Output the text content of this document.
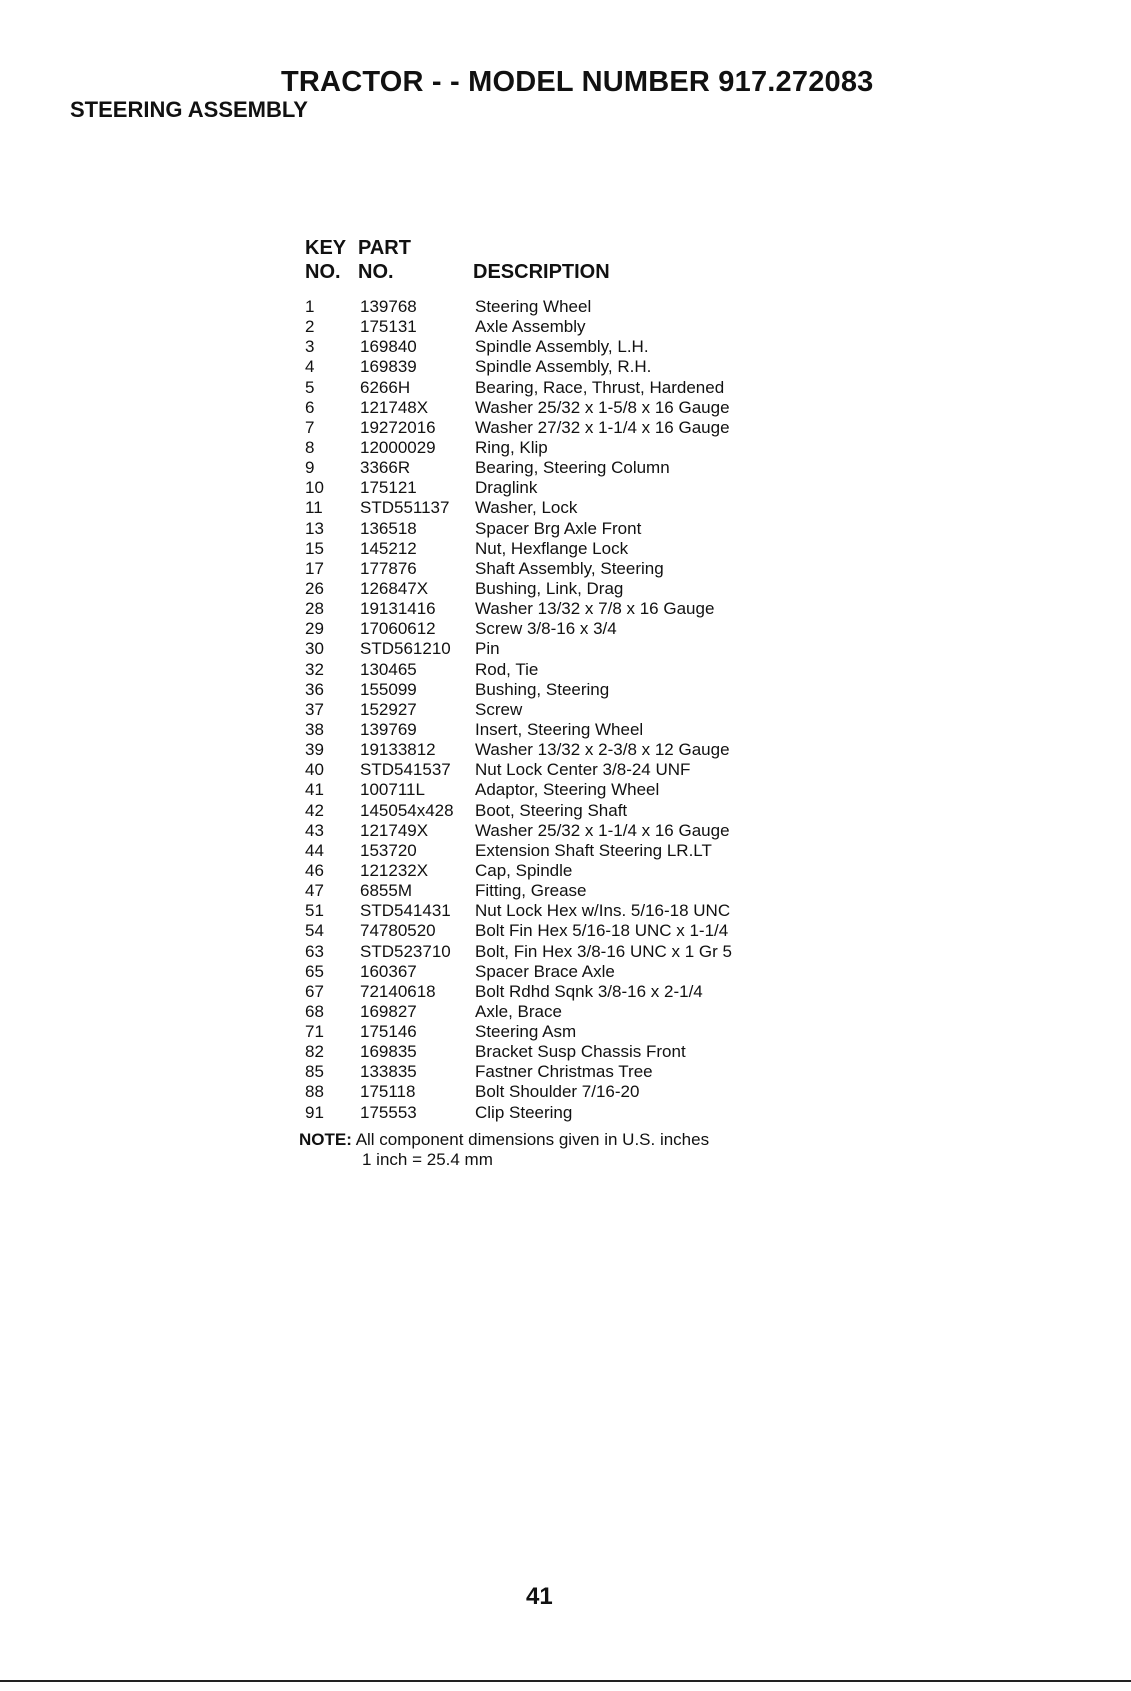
TRACTOR - - MODEL NUMBER 917.272083
STEERING ASSEMBLY
KEY
NO.
PART
NO.	DESCRIPTION
1	139768	Steering Wheel
2	175131	Axle Assembly
3	169840	Spindle Assembly, L.H.
4	169839	Spindle Assembly, R.H.
5	6266H	Bearing, Race, Thrust, Hardened
6	121748X	Washer 25/32 x 1-5/8 x 16 Gauge
7	19272016 Washer 27/32 x 1-1/4 x 16 Gauge
8	12000029 Ring, Klip
9	3366R	Bearing, Steering Column
10 175121	Draglink
11 STD551137 Washer, Lock
13 136518	Spacer Brg Axle Front
15 145212	Nut, Hexflange Lock
17 177876	Shaft Assembly, Steering
26 126847X	Bushing, Link, Drag
28 19131416 Washer 13/32 x 7/8 x 16 Gauge
29 17060612 Screw 3/8-16 x 3/4
30 STD561210 Pin
32 130465	Rod, Tie
36 155099	Bushing, Steering
37 152927	Screw
38 139769	Insert, Steering Wheel
39 19133812 Washer 13/32 x 2-3/8 x 12 Gauge
40 STD541537 Nut Lock Center 3/8-24 UNF
41 100711L	Adaptor, Steering Wheel
42 145054x428 Boot, Steering Shaft
43 121749X	Washer 25/32 x 1-1/4 x 16 Gauge
44 153720	Extension Shaft Steering LR.LT
46 121232X	Cap, Spindle
47 6855M	Fitting, Grease
51 STD541431 Nut Lock Hex w/Ins. 5/16-18 UNC
54 74780520 Bolt Fin Hex 5/16-18 UNC x 1-1/4
63 STD523710 Bolt, Fin Hex 3/8-16 UNC x 1 Gr 5
65 160367	Spacer Brace Axle
67 72140618 Bolt Rdhd Sqnk 3/8-16 x 2-1/4
68 169827	Axle, Brace
71 175146	Steering Asm
82 169835	Bracket Susp Chassis Front
85 133835	Fastner Christmas Tree
88 175118	Bolt Shoulder 7/16-20
91 175553	Clip Steering
NOTE: All component dimensions given in U.S. inches
1 inch = 25.4 mm
41
